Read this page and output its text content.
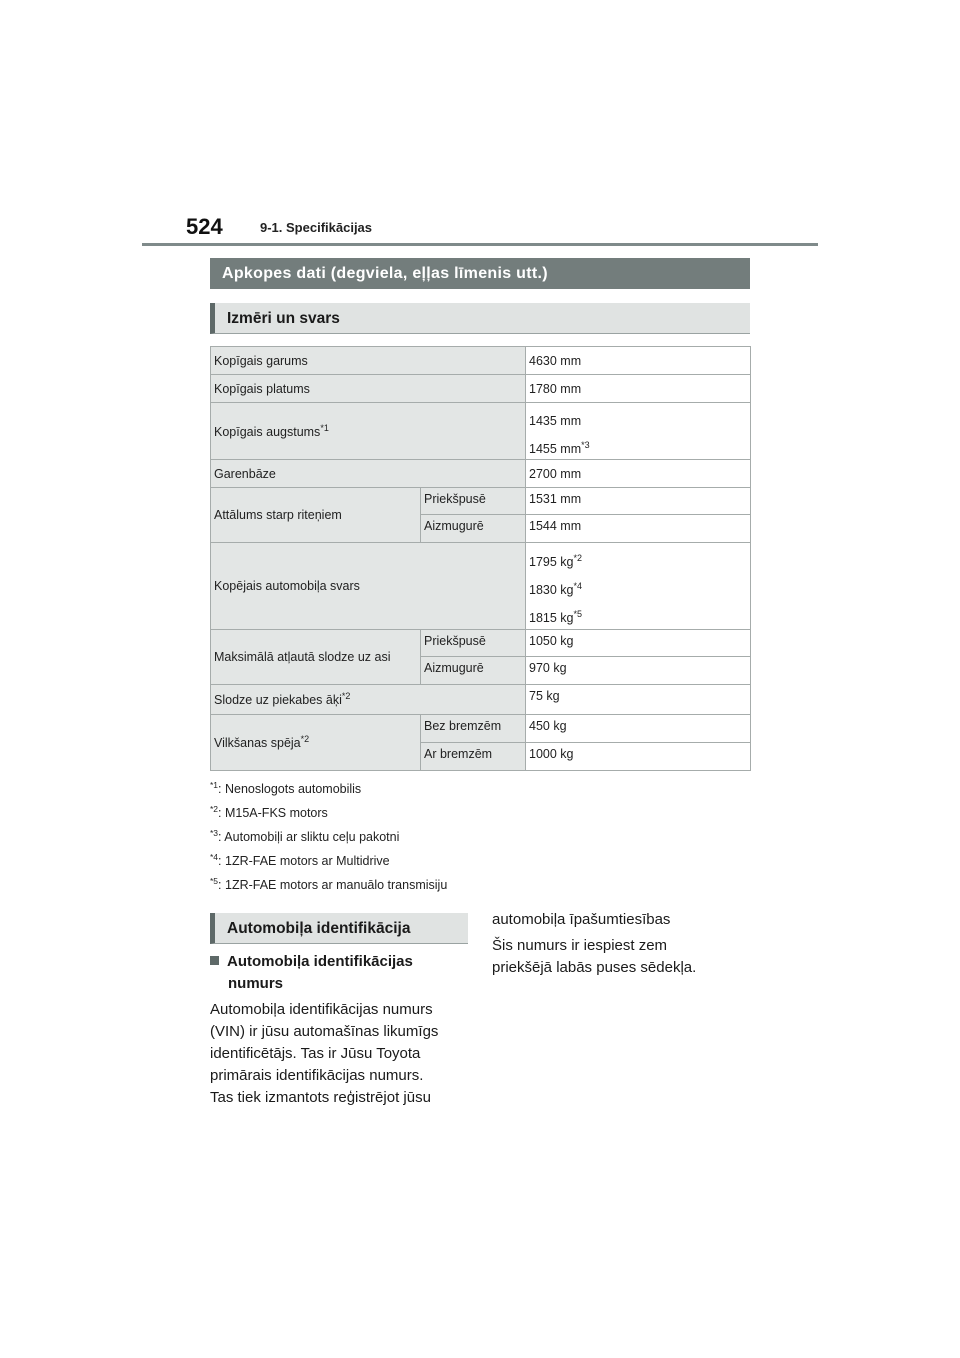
524	9-1. Specifikācijas
Apkopes dati (degviela, eļļas līmenis utt.)
Izmēri un svars
Kopīgais garums		4630 mm
Kopīgais platums		1780 mm
Kopīgais augstums$^{*1}$		1435 mm
1455 $mm^{*3}$

Garenbāze		2700 mm
Attālums starp riteņiem	Priekšpusē	1531 mm
	Aizmugurē	1544 mm
Kopējais automobiļa svars		1795 $kg^{*2}$
1830 $kg^{*4}$
1815 $kg^{*5}$

Maksimālā atļautā slodze uz asi	Priekšpusē	1050 kg
	Aizmugurē	970 kg
Slodze uz piekabes āķi$^{*2}$		75 kg
Vilkšanas spēja$^{*2}$	Bez bremzēm	450 kg
	Ar bremzēm	1000 kg
$^{*1}$: Nenoslogots automobilis
$^{*2}$: M15A-FKS motors
$^{*3}$: Automobiļi ar sliktu ceļu pakotni
$^{*4}$: 1ZR-FAE motors ar Multidrive
$^{*5}$: 1ZR-FAE motors ar manuālo transmisiju
Automobiļa identifikācija
Automobiļa identifikācijas
numurs

Automobiļa identifikācijas numurs

(VIN) ir jūsu automašīnas likumīgs

identificētājs. Tas ir Jūsu Toyota

primārais identifikācijas numurs.

Tas tiek izmantots reģistrējot jūsu

automobiļa īpašumtiesības

Šis numurs ir iespiest zem

priekšējā labās puses sēdekļa.
